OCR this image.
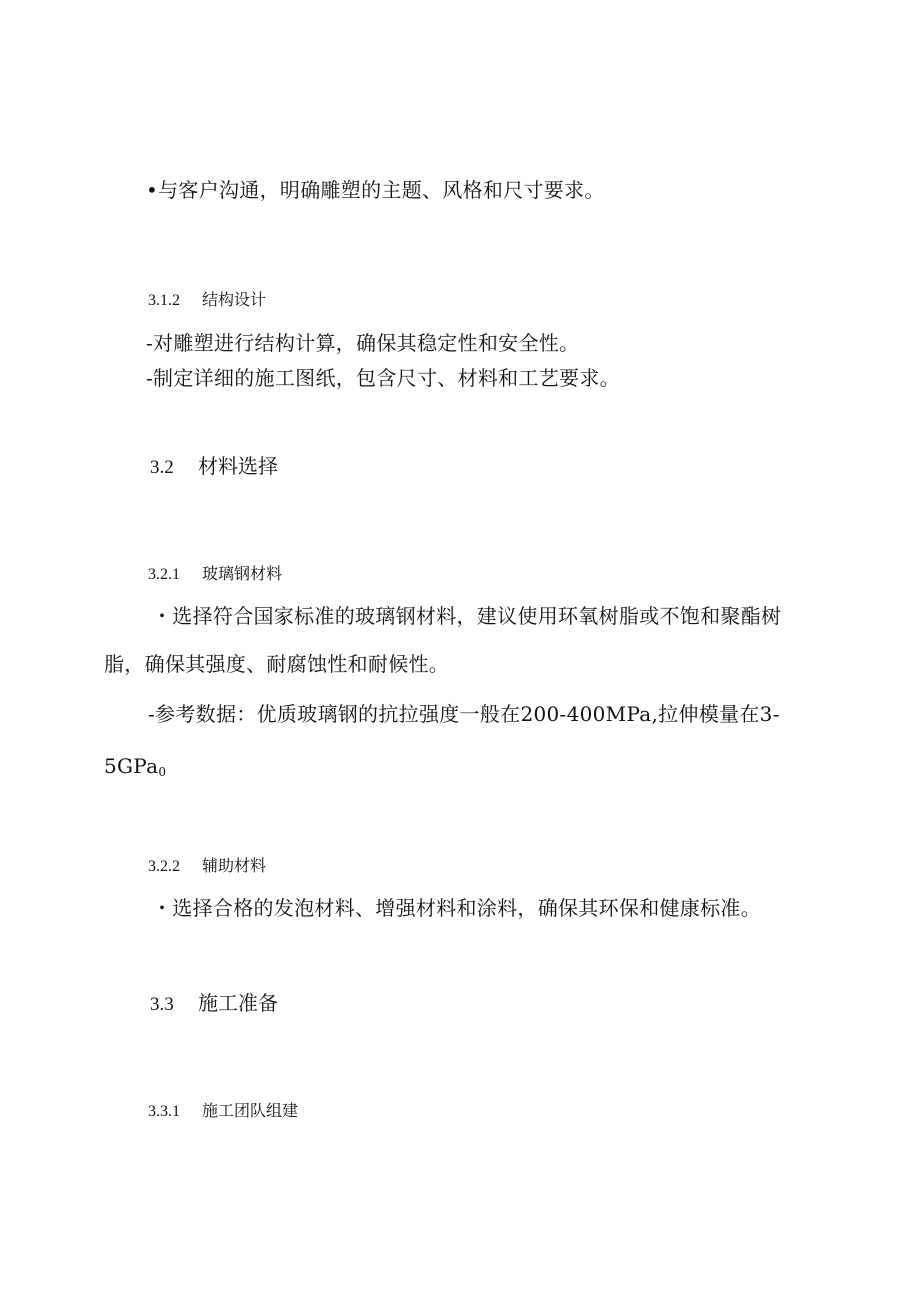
•与客户沟通，明确雕塑的主题、风格和尺寸要求。
3.1.2 结构设计
-对雕塑进行结构计算，确保其稳定性和安全性。
-制定详细的施工图纸，包含尺寸、材料和工艺要求。
3.2 材料选择
3.2.1 玻璃钢材料
・选择符合国家标准的玻璃钢材料，建议使用环氧树脂或不饱和聚酯树
脂，确保其强度、耐腐蚀性和耐候性。
-参考数据：优质玻璃钢的抗拉强度一般在200-400MPa,拉伸模量在3-
5GPa$_0$
3.2.2 辅助材料
・选择合格的发泡材料、增强材料和涂料，确保其环保和健康标准。
3.3 施工准备
3.3.1 施工团队组建
